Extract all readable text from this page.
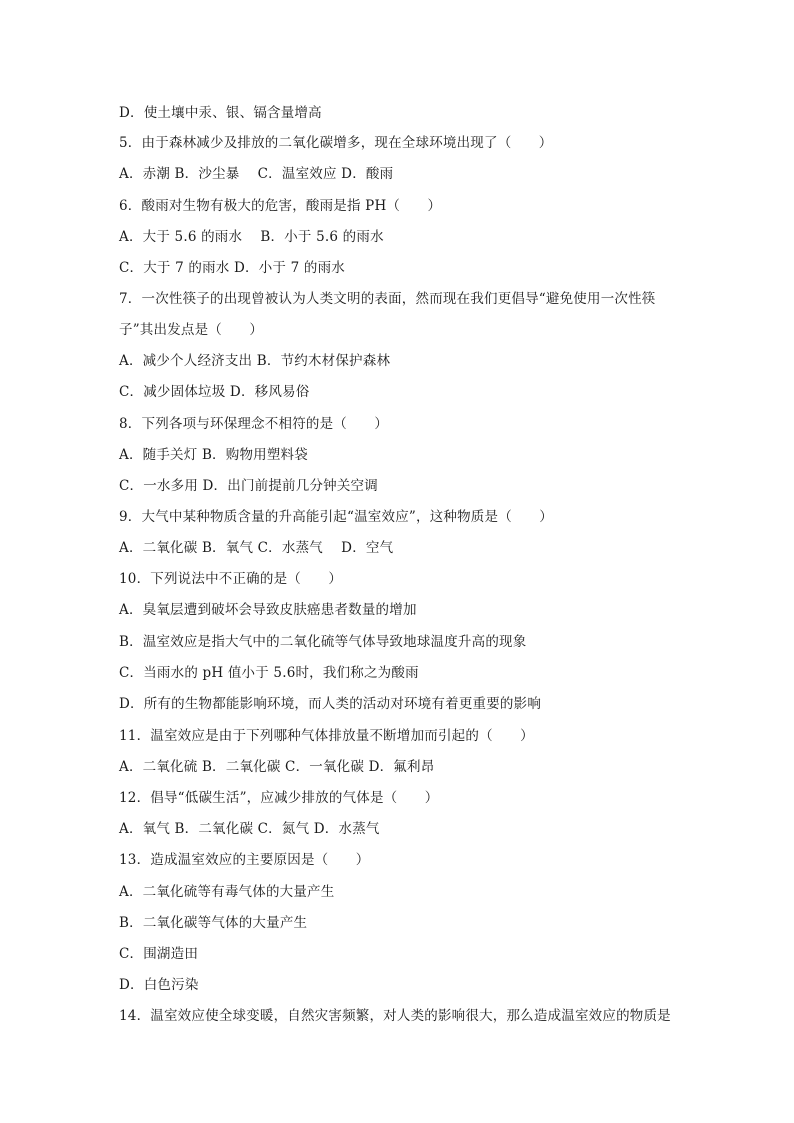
D．使土壤中汞、银、镉含量增高
5．由于森林减少及排放的二氧化碳增多，现在全球环境出现了（　　）
A．赤潮 B．沙尘暴　 C．温室效应 D．酸雨
6．酸雨对生物有极大的危害，酸雨是指 PH（　　）
A．大于 5.6 的雨水　 B．小于 5.6 的雨水
C．大于 7 的雨水 D．小于 7 的雨水
7．一次性筷子的出现曾被认为人类文明的表面，然而现在我们更倡导“避免使用一次性筷
子”其出发点是（　　）
A．减少个人经济支出 B．节约木材保护森林
C．减少固体垃圾 D．移风易俗
8．下列各项与环保理念不相符的是（　　）
A．随手关灯 B．购物用塑料袋
C．一水多用 D．出门前提前几分钟关空调
9．大气中某种物质含量的升高能引起“温室效应”，这种物质是（　　）
A．二氧化碳 B．氧气 C．水蒸气　 D．空气
10．下列说法中不正确的是（　　）
A．臭氧层遭到破坏会导致皮肤癌患者数量的增加
B．温室效应是指大气中的二氧化硫等气体导致地球温度升高的现象
C．当雨水的 pH 值小于 5.6时，我们称之为酸雨
D．所有的生物都能影响环境，而人类的活动对环境有着更重要的影响
11．温室效应是由于下列哪种气体排放量不断增加而引起的（　　）
A．二氧化硫 B．二氧化碳 C．一氧化碳 D．氟利昂
12．倡导“低碳生活”，应减少排放的气体是（　　）
A．氧气 B．二氧化碳 C．氮气 D．水蒸气
13．造成温室效应的主要原因是（　　）
A．二氧化硫等有毒气体的大量产生
B．二氧化碳等气体的大量产生
C．围湖造田
D．白色污染
14．温室效应使全球变暖，自然灾害频繁，对人类的影响很大，那么造成温室效应的物质是
